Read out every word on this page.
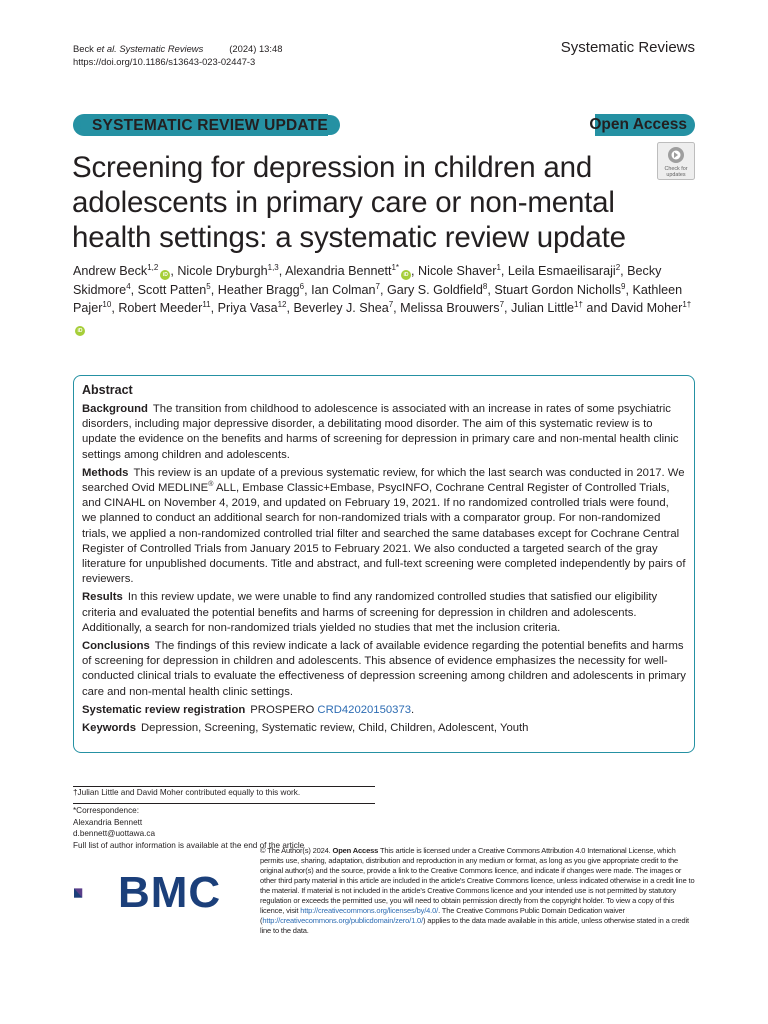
Beck et al. Systematic Reviews	(2024) 13:48
https://doi.org/10.1186/s13643-023-02447-3
Systematic Reviews
SYSTEMATIC REVIEW UPDATE	Open Access
Check for
updates
Screening for depression in children and adolescents in primary care or non-mental health settings: a systematic review update
Andrew Beck$^{1,2}$iD , Nicole Dryburgh$^{1,3}$, Alexandria Bennett$^{1*}$iD , Nicole Shaver$^1$, Leila Esmaeilisaraji$^2$, Becky Skidmore$^4$, Scott Patten$^5$, Heather Bragg$^6$, Ian Colman$^7$, Gary S. Goldfield$^8$, Stuart Gordon Nicholls$^9$, Kathleen Pajer$^{10}$, Robert Meeder$^{11}$, Priya Vasa$^{12}$, Beverley J. Shea$^7$, Melissa Brouwers$^7$, Julian Little$^{1\dagger}$ and David Moher$^{1\dagger}$iD
Abstract

Background The transition from childhood to adolescence is associated with an increase in rates of some psychiatric disorders, including major depressive disorder, a debilitating mood disorder. The aim of this systematic review is to update the evidence on the benefits and harms of screening for depression in primary care and non-mental health clinic settings among children and adolescents.

Methods This review is an update of a previous systematic review, for which the last search was conducted in 2017. We searched Ovid MEDLINE® ALL, Embase Classic+Embase, PsycINFO, Cochrane Central Register of Controlled Trials, and CINAHL on November 4, 2019, and updated on February 19, 2021. If no randomized controlled trials were found, we planned to conduct an additional search for non-randomized trials with a comparator group. For non-randomized trials, we applied a non-randomized controlled trial filter and searched the same databases except for Cochrane Central Register of Controlled Trials from January 2015 to February 2021. We also conducted a targeted search of the gray literature for unpublished documents. Title and abstract, and full-text screening were completed independently by pairs of reviewers.

Results In this review update, we were unable to find any randomized controlled studies that satisfied our eligibility criteria and evaluated the potential benefits and harms of screening for depression in children and adolescents. Additionally, a search for non-randomized trials yielded no studies that met the inclusion criteria.

Conclusions The findings of this review indicate a lack of available evidence regarding the potential benefits and harms of screening for depression in children and adolescents. This absence of evidence emphasizes the necessity for well-conducted clinical trials to evaluate the effectiveness of depression screening among children and adolescents in primary care and non-mental health clinic settings.

Systematic review registration PROSPERO CRD42020150373.

Keywords Depression, Screening, Systematic review, Child, Children, Adolescent, Youth

†Julian Little and David Moher contributed equally to this work.
*Correspondence:
Alexandria Bennett
d.bennett@uottawa.ca
Full list of author information is available at the end of the article
BMC
© The Author(s) 2024. Open Access This article is licensed under a Creative Commons Attribution 4.0 International License, which permits use, sharing, adaptation, distribution and reproduction in any medium or format, as long as you give appropriate credit to the original author(s) and the source, provide a link to the Creative Commons licence, and indicate if changes were made. The images or other third party material in this article are included in the article's Creative Commons licence, unless indicated otherwise in a credit line to the material. If material is not included in the article's Creative Commons licence and your intended use is not permitted by statutory regulation or exceeds the permitted use, you will need to obtain permission directly from the copyright holder. To view a copy of this licence, visit http://creativecommons.org/licenses/by/4.0/. The Creative Commons Public Domain Dedication waiver (http://creativecommons.org/publicdomain/zero/1.0/) applies to the data made available in this article, unless otherwise stated in a credit line to the data.
